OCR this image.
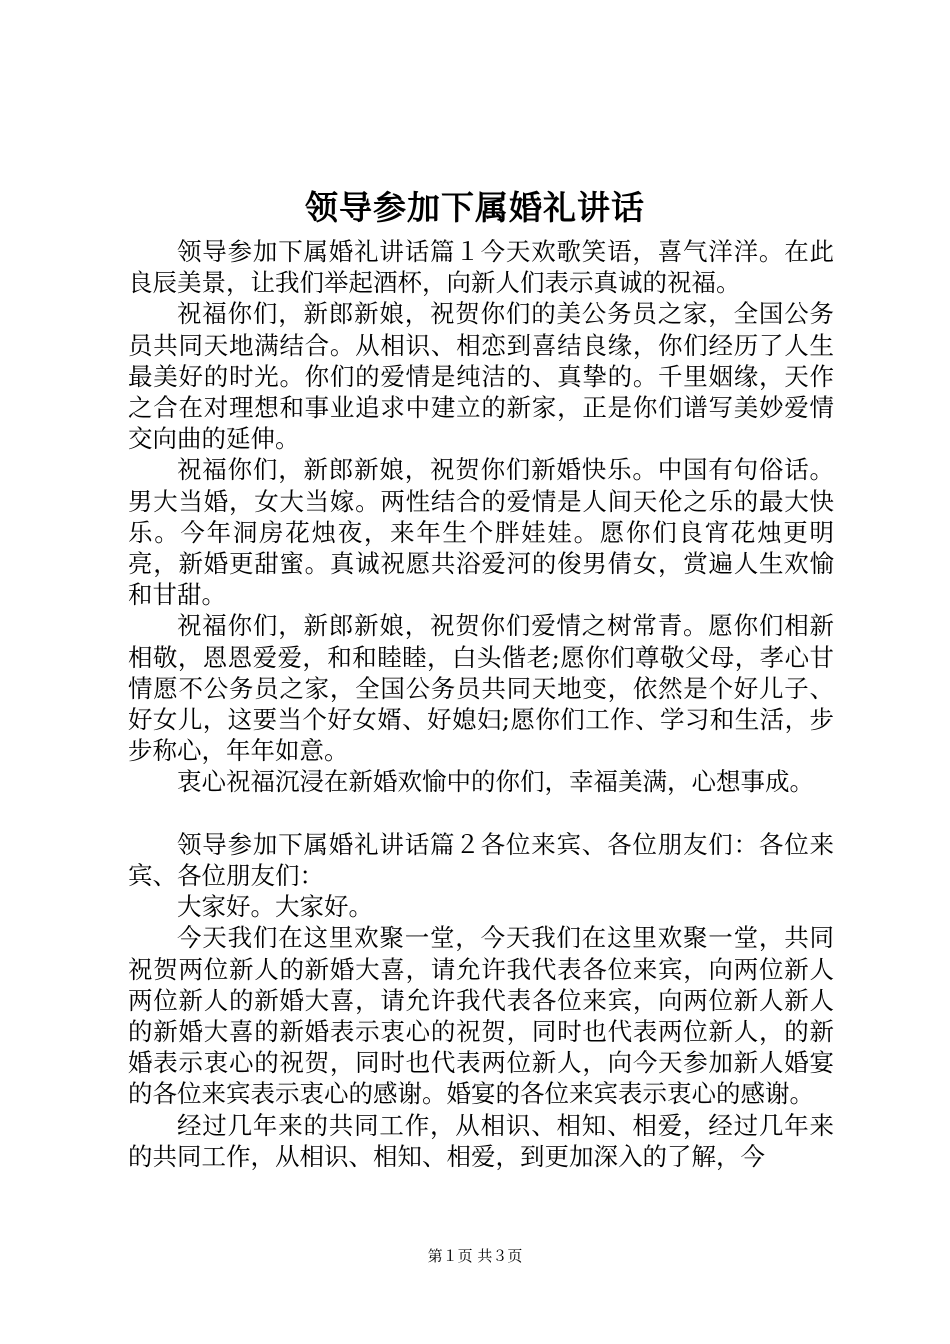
领导参加下属婚礼讲话

领导参加下属婚礼讲话篇１今天欢歌笑语，喜气洋洋。在此良辰美景，让我们举起酒杯，向新人们表示真诚的祝福。

祝福你们，新郎新娘，祝贺你们的美公务员之家，全国公务员共同天地满结合。从相识、相恋到喜结良缘，你们经历了人生最美好的时光。你们的爱情是纯洁的、真挚的。千里姻缘，天作之合在对理想和事业追求中建立的新家，正是你们谱写美妙爱情交向曲的延伸。

祝福你们，新郎新娘，祝贺你们新婚快乐。中国有句俗话。男大当婚，女大当嫁。两性结合的爱情是人间天伦之乐的最大快乐。今年洞房花烛夜，来年生个胖娃娃。愿你们良宵花烛更明亮，新婚更甜蜜。真诚祝愿共浴爱河的俊男倩女，赏遍人生欢愉和甘甜。

祝福你们，新郎新娘，祝贺你们爱情之树常青。愿你们相新相敬，恩恩爱爱，和和睦睦，白头偕老;愿你们尊敬父母，孝心甘情愿不公务员之家，全国公务员共同天地变，依然是个好儿子、好女儿，这要当个好女婿、好媳妇;愿你们工作、学习和生活，步步称心，年年如意。

衷心祝福沉浸在新婚欢愉中的你们，幸福美满，心想事成。

领导参加下属婚礼讲话篇２各位来宾、各位朋友们：各位来宾、各位朋友们：

大家好。大家好。

今天我们在这里欢聚一堂，今天我们在这里欢聚一堂，共同祝贺两位新人的新婚大喜，请允许我代表各位来宾，向两位新人两位新人的新婚大喜，请允许我代表各位来宾，向两位新人新人的新婚大喜的新婚表示衷心的祝贺，同时也代表两位新人，的新婚表示衷心的祝贺，同时也代表两位新人，向今天参加新人婚宴的各位来宾表示衷心的感谢。婚宴的各位来宾表示衷心的感谢。

经过几年来的共同工作，从相识、相知、相爱，经过几年来的共同工作，从相识、相知、相爱，到更加深入的了解，今

第１页 共３页
